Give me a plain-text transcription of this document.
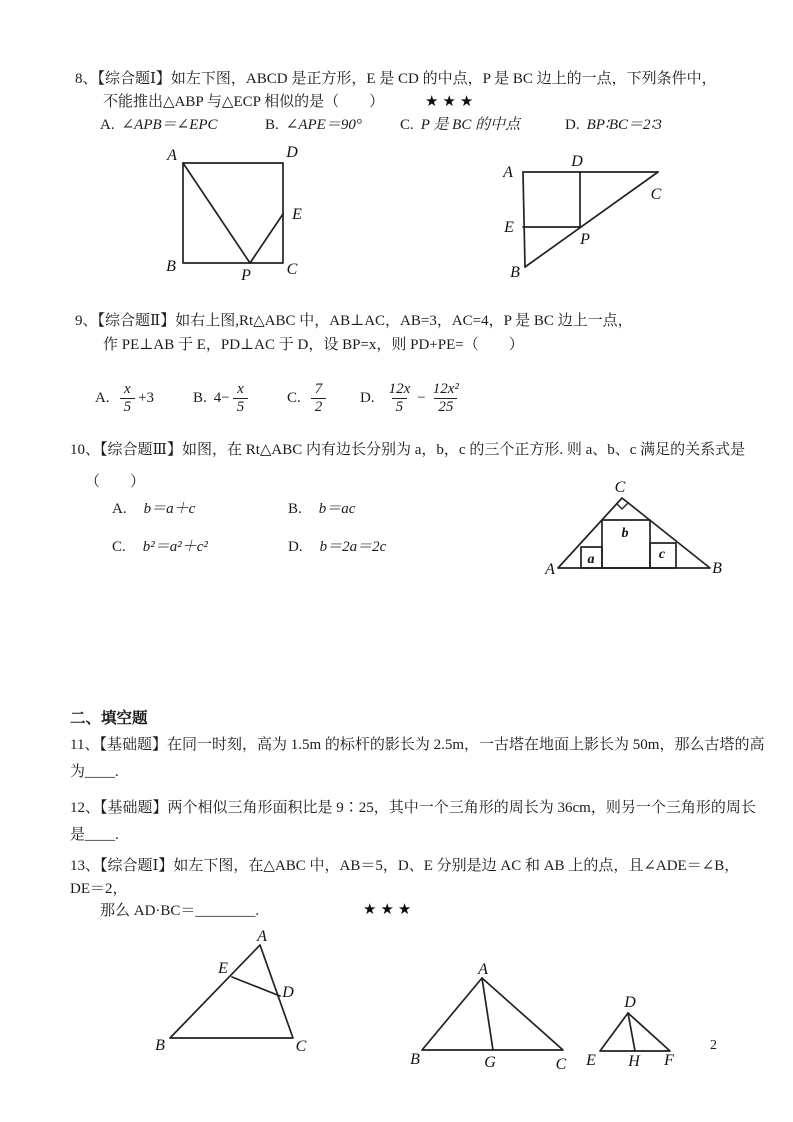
8、【综合题Ⅰ】如左下图，ABCD 是正方形，E 是 CD 的中点，P 是 BC 边上的一点，下列条件中，
不能推出△ABP 与△ECP 相似的是（　　）	★★★
A. ∠APB＝∠EPC	B. ∠APE＝90°	C. P 是 BC 的中点	D. BP∶BC＝2∶3
A	D
E
B
P C
A
D
C
E
P
B
9、【综合题Ⅱ】如右上图,Rt△ABC 中，AB⊥AC，AB=3，AC=4，P 是 BC 边上一点，
作 PE⊥AB 于 E，PD⊥AC 于 D，设 BP=x，则 PD+PE=（　　）
A. $\frac{x}{5} +3$	B. $4- \frac{x}{5}$	C. $\frac{7}{2} D$. $\frac{12x}{5} - \frac{\text{12x²}}{25}$
10、【综合题Ⅲ】如图，在 Rt△ABC 内有边长分别为 a，b，c 的三个正方形. 则 a、b、c 满足的关系式是
（　　）
A. b＝a＋c	B. b＝ac
C. b²＝a²＋c²	D. b＝2a＝2c
C
A	B
a
b
c
二、填空题
11、【基础题】在同一时刻，高为 1.5m 的标杆的影长为 2.5m，一古塔在地面上影长为 50m，那么古塔的高
为____.
12、【基础题】两个相似三角形面积比是 9∶25，其中一个三角形的周长为 36cm，则另一个三角形的周长
是____.
13、【综合题Ⅰ】如左下图，在△ABC 中，AB＝5，D、E 分别是边 AC 和 AB 上的点，且∠ADE＝∠B，
DE＝2，
那么 AD·BC＝________.	★★★
A
E
D
B	C
A
B	G	C
D
E H F
2
